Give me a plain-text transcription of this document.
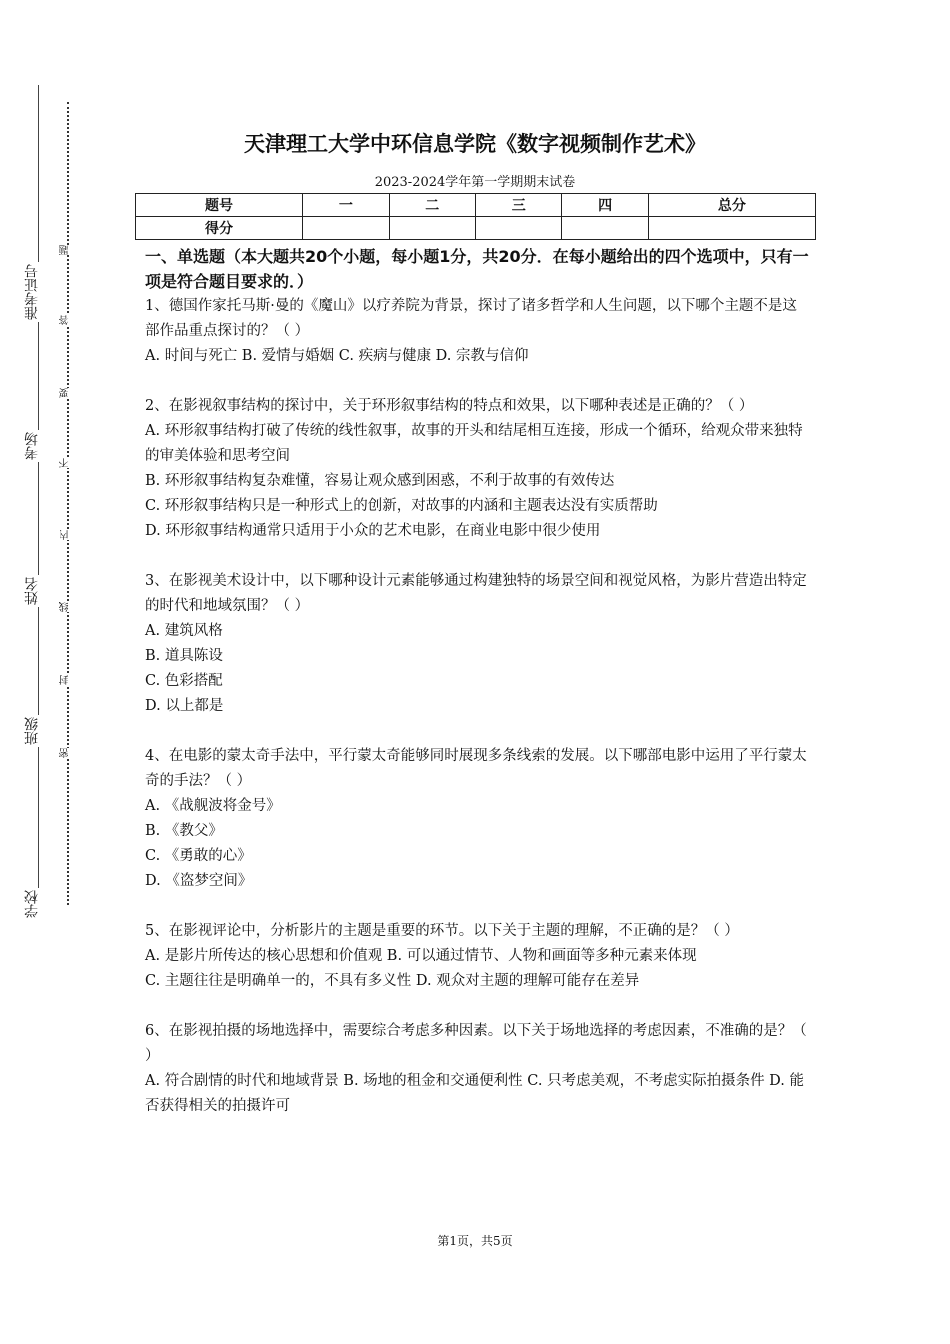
准考证号
考场
姓名
班级
学校
题
答
要
不
内
线
封
密
天津理工大学中环信息学院《数字视频制作艺术》
2023-2024学年第一学期期末试卷
题号	一	二	三	四	总分
得分					
一、单选题（本大题共20个小题，每小题1分，共20分．在每小题给出的四个选项中，只有一项是符合题目要求的．）
1、德国作家托马斯·曼的《魔山》以疗养院为背景，探讨了诸多哲学和人生问题，以下哪个主题不是这部作品重点探讨的？（ ）
A. 时间与死亡 B. 爱情与婚姻 C. 疾病与健康 D. 宗教与信仰
2、在影视叙事结构的探讨中，关于环形叙事结构的特点和效果，以下哪种表述是正确的？（ ）
A. 环形叙事结构打破了传统的线性叙事，故事的开头和结尾相互连接，形成一个循环，给观众带来独特的审美体验和思考空间
B. 环形叙事结构复杂难懂，容易让观众感到困惑，不利于故事的有效传达
C. 环形叙事结构只是一种形式上的创新，对故事的内涵和主题表达没有实质帮助
D. 环形叙事结构通常只适用于小众的艺术电影，在商业电影中很少使用
3、在影视美术设计中，以下哪种设计元素能够通过构建独特的场景空间和视觉风格，为影片营造出特定的时代和地域氛围？（ ）
A. 建筑风格
B. 道具陈设
C. 色彩搭配
D. 以上都是
4、在电影的蒙太奇手法中，平行蒙太奇能够同时展现多条线索的发展。以下哪部电影中运用了平行蒙太奇的手法？（ ）
A. 《战舰波将金号》
B. 《教父》
C. 《勇敢的心》
D. 《盗梦空间》
5、在影视评论中，分析影片的主题是重要的环节。以下关于主题的理解，不正确的是？（ ）
A. 是影片所传达的核心思想和价值观 B. 可以通过情节、人物和画面等多种元素来体现
C. 主题往往是明确单一的，不具有多义性 D. 观众对主题的理解可能存在差异
6、在影视拍摄的场地选择中，需要综合考虑多种因素。以下关于场地选择的考虑因素，不准确的是？（ ）
A. 符合剧情的时代和地域背景 B. 场地的租金和交通便利性 C. 只考虑美观，不考虑实际拍摄条件 D. 能否获得相关的拍摄许可
第1页，共5页
